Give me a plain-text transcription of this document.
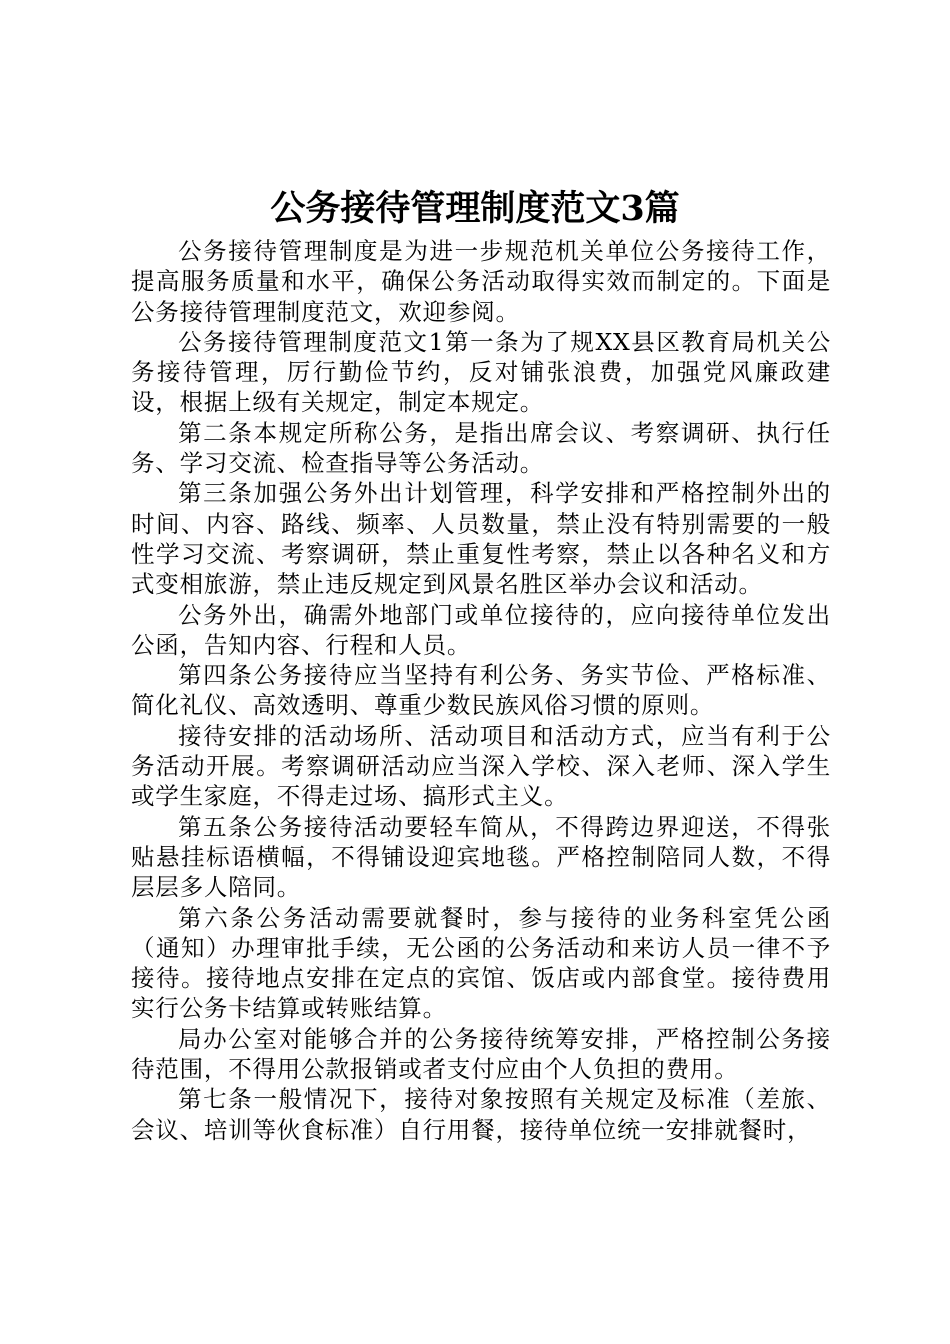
公务接待管理制度范文3篇

公务接待管理制度是为进一步规范机关单位公务接待工作，提高服务质量和水平，确保公务活动取得实效而制定的。下面是公务接待管理制度范文，欢迎参阅。

公务接待管理制度范文1第一条为了规XX县区教育局机关公务接待管理，厉行勤俭节约，反对铺张浪费，加强党风廉政建设，根据上级有关规定，制定本规定。

第二条本规定所称公务，是指出席会议、考察调研、执行任务、学习交流、检查指导等公务活动。

第三条加强公务外出计划管理，科学安排和严格控制外出的时间、内容、路线、频率、人员数量，禁止没有特别需要的一般性学习交流、考察调研，禁止重复性考察，禁止以各种名义和方式变相旅游，禁止违反规定到风景名胜区举办会议和活动。

公务外出，确需外地部门或单位接待的，应向接待单位发出公函，告知内容、行程和人员。

第四条公务接待应当坚持有利公务、务实节俭、严格标准、简化礼仪、高效透明、尊重少数民族风俗习惯的原则。

接待安排的活动场所、活动项目和活动方式，应当有利于公务活动开展。考察调研活动应当深入学校、深入老师、深入学生或学生家庭，不得走过场、搞形式主义。

第五条公务接待活动要轻车简从，不得跨边界迎送，不得张贴悬挂标语横幅，不得铺设迎宾地毯。严格控制陪同人数，不得层层多人陪同。

第六条公务活动需要就餐时，参与接待的业务科室凭公函（通知）办理审批手续，无公函的公务活动和来访人员一律不予接待。接待地点安排在定点的宾馆、饭店或内部食堂。接待费用实行公务卡结算或转账结算。

局办公室对能够合并的公务接待统筹安排，严格控制公务接待范围，不得用公款报销或者支付应由个人负担的费用。

第七条一般情况下，接待对象按照有关规定及标准（差旅、会议、培训等伙食标准）自行用餐，接待单位统一安排就餐时，
